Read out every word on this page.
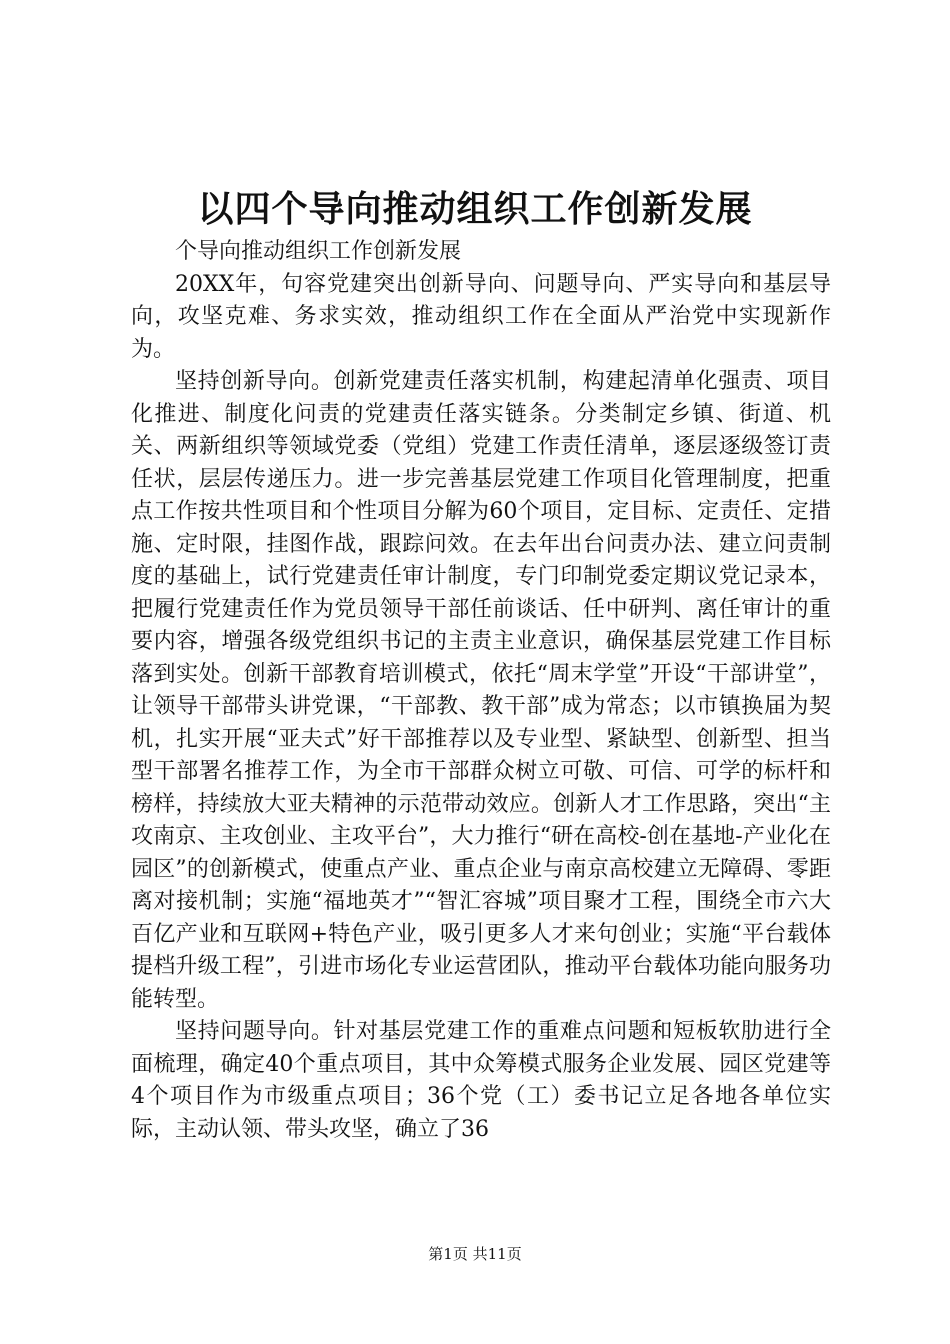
以四个导向推动组织工作创新发展

个导向推动组织工作创新发展

20XX年，句容党建突出创新导向、问题导向、严实导向和基层导向，攻坚克难、务求实效，推动组织工作在全面从严治党中实现新作为。

坚持创新导向。创新党建责任落实机制，构建起清单化强责、项目化推进、制度化问责的党建责任落实链条。分类制定乡镇、街道、机关、两新组织等领域党委（党组）党建工作责任清单，逐层逐级签订责任状，层层传递压力。进一步完善基层党建工作项目化管理制度，把重点工作按共性项目和个性项目分解为60个项目，定目标、定责任、定措施、定时限，挂图作战，跟踪问效。在去年出台问责办法、建立问责制度的基础上，试行党建责任审计制度，专门印制党委定期议党记录本，把履行党建责任作为党员领导干部任前谈话、任中研判、离任审计的重要内容，增强各级党组织书记的主责主业意识，确保基层党建工作目标落到实处。创新干部教育培训模式，依托“周末学堂”开设“干部讲堂”，让领导干部带头讲党课，“干部教、教干部”成为常态；以市镇换届为契机，扎实开展“亚夫式”好干部推荐以及专业型、紧缺型、创新型、担当型干部署名推荐工作，为全市干部群众树立可敬、可信、可学的标杆和榜样，持续放大亚夫精神的示范带动效应。创新人才工作思路，突出“主攻南京、主攻创业、主攻平台”，大力推行“研在高校-创在基地-产业化在园区”的创新模式，使重点产业、重点企业与南京高校建立无障碍、零距离对接机制；实施“福地英才”“智汇容城”项目聚才工程，围绕全市六大百亿产业和互联网+特色产业，吸引更多人才来句创业；实施“平台载体提档升级工程”，引进市场化专业运营团队，推动平台载体功能向服务功能转型。

坚持问题导向。针对基层党建工作的重难点问题和短板软肋进行全面梳理，确定40个重点项目，其中众筹模式服务企业发展、园区党建等4个项目作为市级重点项目；36个党（工）委书记立足各地各单位实际，主动认领、带头攻坚，确立了36

第1页 共11页
